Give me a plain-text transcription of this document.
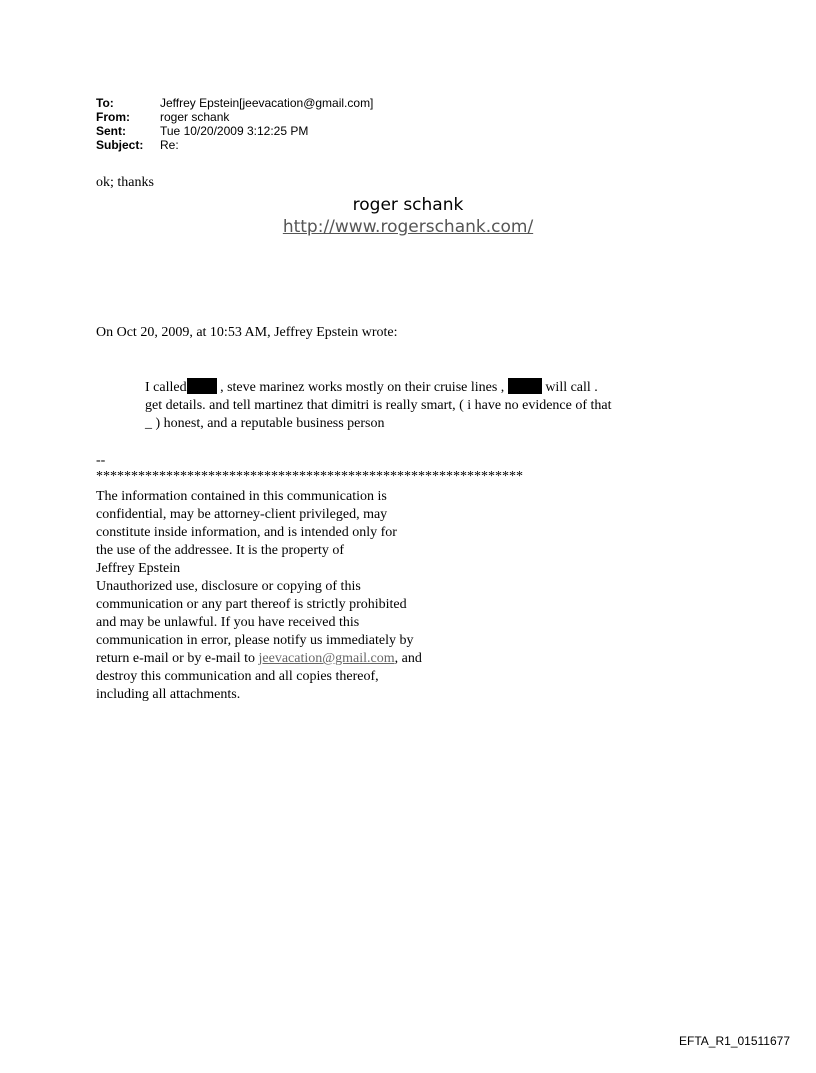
To:	Jeffrey Epstein[jeevacation@gmail.com]
From:	roger schank
Sent:	Tue 10/20/2009 3:12:25 PM
Subject:	Re:
ok; thanks
roger schank
http://www.rogerschank.com/
On Oct 20, 2009, at 10:53 AM, Jeffrey Epstein wrote:
I called , steve marinez works mostly on their cruise lines ,  will call .
get details. and tell martinez that dimitri is really smart, ( i have no evidence of that
_ ) honest, and a reputable business person
--
*************************************************************
The information contained in this communication is
confidential, may be attorney-client privileged, may
constitute inside information, and is intended only for
the use of the addressee. It is the property of
Jeffrey Epstein
Unauthorized use, disclosure or copying of this
communication or any part thereof is strictly prohibited
and may be unlawful. If you have received this
communication in error, please notify us immediately by
return e-mail or by e-mail to jeevacation@gmail.com, and
destroy this communication and all copies thereof,
including all attachments.
EFTA_R1_01511677
